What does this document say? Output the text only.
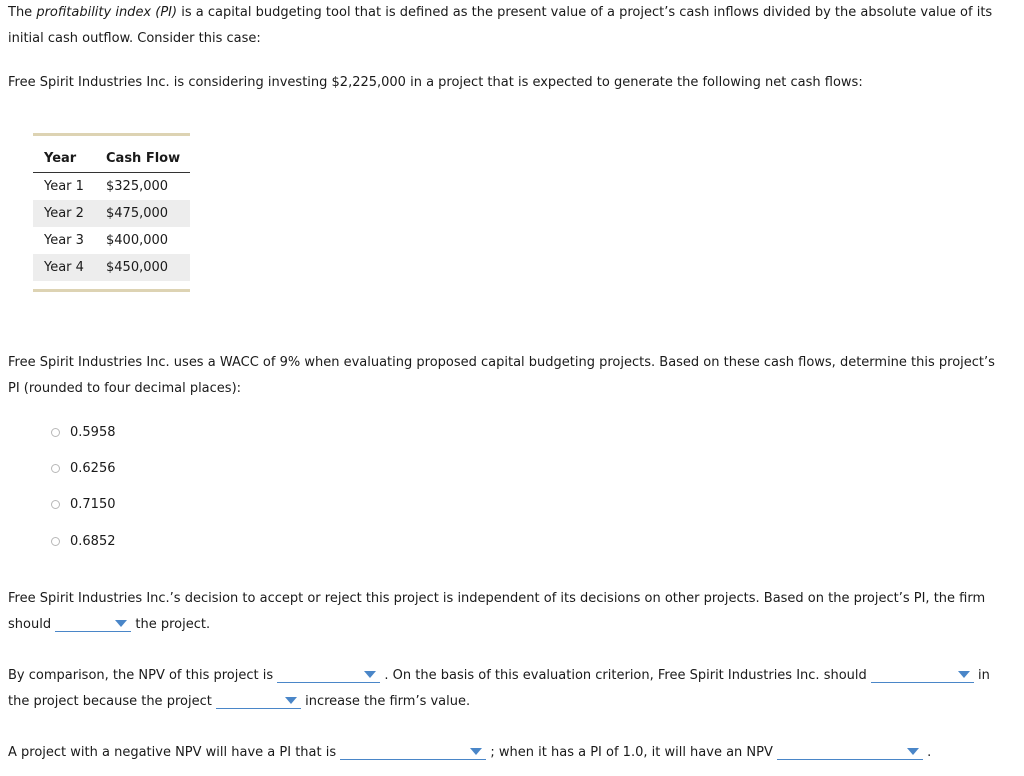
The profitability index (PI) is a capital budgeting tool that is defined as the present value of a project’s cash inflows divided by the absolute value of its initial cash outflow. Consider this case:

Free Spirit Industries Inc. is considering investing $2,225,000 in a project that is expected to generate the following net cash flows:

Year	Cash Flow
Year 1	$325,000
Year 2	$475,000
Year 3	$400,000
Year 4	$450,000

Free Spirit Industries Inc. uses a WACC of 9% when evaluating proposed capital budgeting projects. Based on these cash flows, determine this project’s PI (rounded to four decimal places):

0.5958
0.6256
0.7150
0.6852

Free Spirit Industries Inc.’s decision to accept or reject this project is independent of its decisions on other projects. Based on the project’s PI, the firm should	the project.

By comparison, the NPV of this project is	. On the basis of this evaluation criterion, Free Spirit Industries Inc. should	in the project because the project	increase the firm’s value.

A project with a negative NPV will have a PI that is	; when it has a PI of 1.0, it will have an NPV	.
